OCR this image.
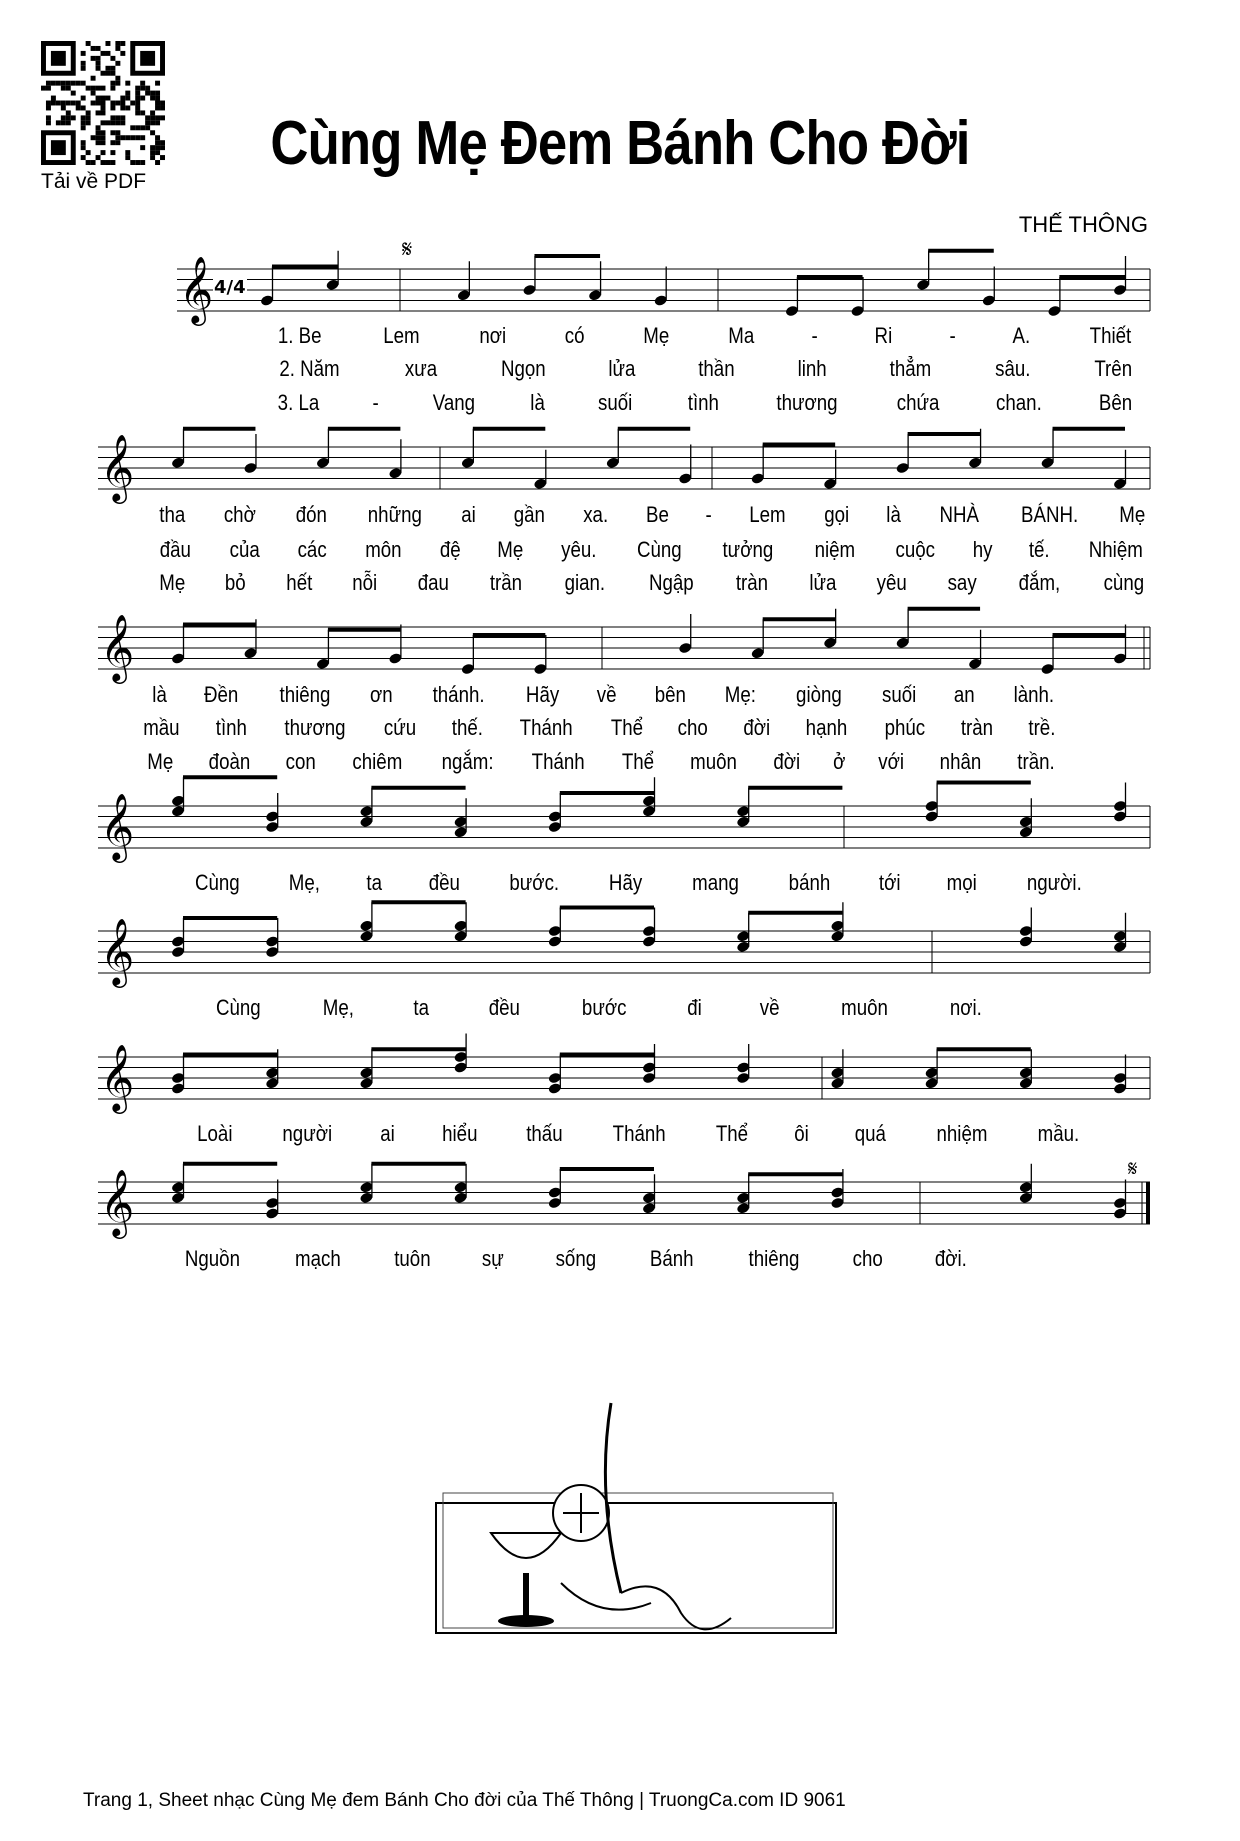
Tải về PDF
Cùng Mẹ Đem Bánh Cho Đời
THẾ THÔNG
𝄞
𝄋
𝄞
𝄞
𝄞
𝄞
𝄞
𝄞	𝄋
4/4
1. Be	Lem	nơi	có	Mẹ	Ma	-	Ri	-	A.	Thiết
2. Năm	xưa	Ngọn	lửa	thần	linh	thẳm	sâu.	Trên
3. La - Vang là suối	tình	thương	chứa	chan.	Bên
tha chờ đón những ai gần xa. Be - Lem gọi là NHÀ BÁNH. Mẹ
đầu của các môn đệ Mẹ yêu. Cùng tưởng niệm cuộc hy tế. Nhiệm
Mẹ bỏ hết nỗi đau trần gian. Ngập tràn lửa yêu say đắm, cùng
là Đền thiêng ơn thánh. Hãy về bên Mẹ: giòng suối an lành.
mầu tình thương cứu thế. Thánh Thể cho đời hạnh phúc tràn trề.
Mẹ đoàn con chiêm ngắm: Thánh Thể muôn đời ở với nhân trần.
Cùng Mẹ, ta đều bước. Hãy mang bánh tới mọi người.
Cùng	Mẹ,	ta	đều	bước	đi	về	muôn	nơi.
Loài người ai hiểu thấu Thánh Thể ôi quá nhiệm mầu.
Nguồn	mạch tuôn sự sống Bánh thiêng cho đời.
Trang 1, Sheet nhạc Cùng Mẹ đem Bánh Cho đời của Thế Thông | TruongCa.com ID 9061
